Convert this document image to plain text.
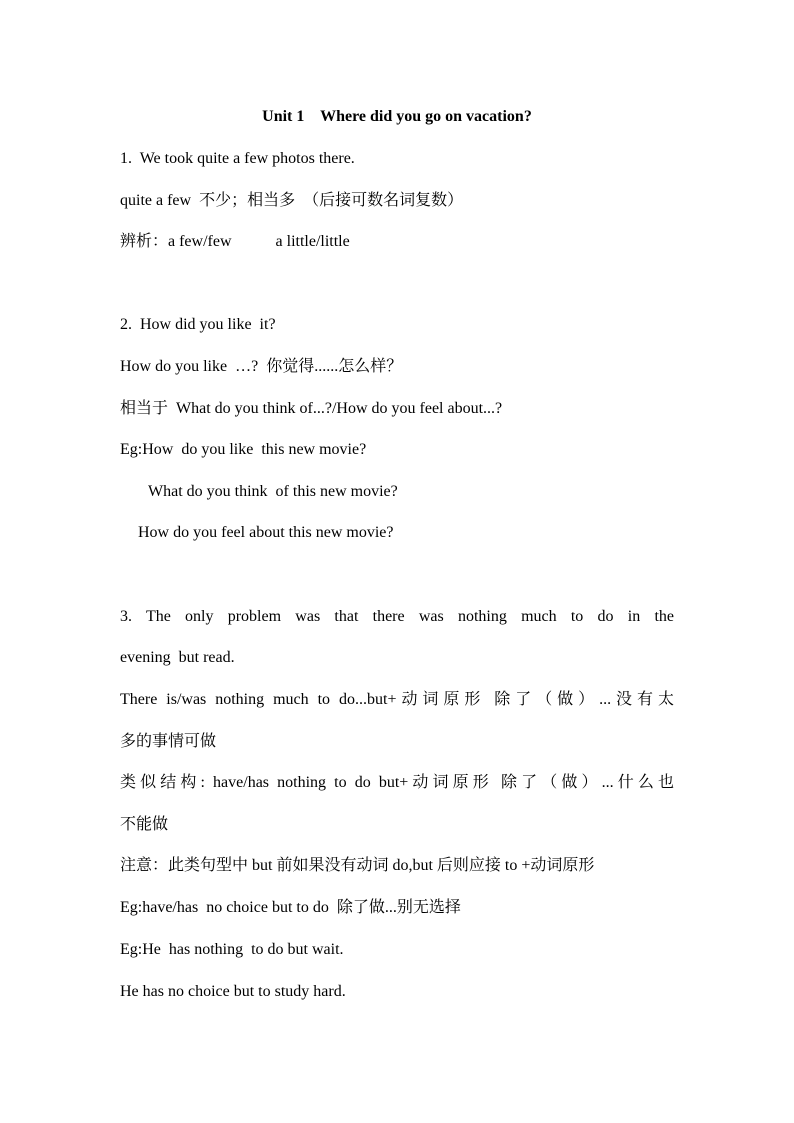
Unit 1    Where did you go on vacation?
1.  We took quite a few photos there.
quite a few  不少；相当多  （后接可数名词复数）
辨析：a few/few           a little/little
2.  How did you like  it?
How do you like  …?  你觉得......怎么样？
相当于  What do you think of...?/How do you feel about...?
Eg:How  do you like  this new movie?
What do you think  of this new movie?
How do you feel about this new movie?
3. The only problem was that there was nothing much to do in the
evening  but read.
There is/was nothing much to do...but+动词原形 除了（做）...没有太
多的事情可做
类似结构: have/has nothing to do but+动词原形 除了（做）...什么也
不能做
注意：此类句型中 but 前如果没有动词 do,but 后则应接 to +动词原形
Eg:have/has  no choice but to do  除了做...别无选择
Eg:He  has nothing  to do but wait.
He has no choice but to study hard.
